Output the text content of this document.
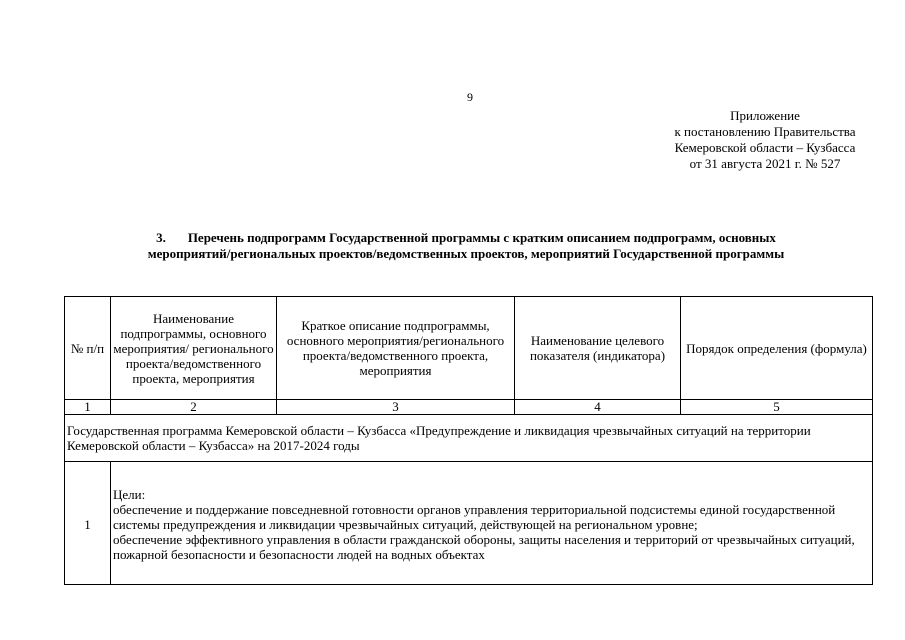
9
Приложение
к постановлению Правительства
Кемеровской области – Кузбасса
от 31 августа 2021 г. № 527
3. Перечень подпрограмм Государственной программы с кратким описанием подпрограмм, основных
мероприятий/региональных проектов/ведомственных проектов, мероприятий Государственной программы
№ п/п	Наименование подпрограммы, основного мероприятия/ регионального проекта/ведомственного проекта, мероприятия	Краткое описание подпрограммы, основного мероприятия/регионального проекта/ведомственного проекта, мероприятия	Наименование целевого показателя (индикатора)	Порядок определения (формула)
1	2	3	4	5
Государственная программа Кемеровской области – Кузбасса «Предупреждение и ликвидация чрезвычайных ситуаций на территории Кемеровской области – Кузбасса» на 2017-2024 годы				
1	Цели:
обеспечение и поддержание повседневной готовности органов управления территориальной подсистемы единой государственной системы предупреждения и ликвидации чрезвычайных ситуаций, действующей на региональном уровне;
обеспечение эффективного управления в области гражданской обороны, защиты населения и территорий от чрезвычайных ситуаций, пожарной безопасности и безопасности людей на водных объектах			
